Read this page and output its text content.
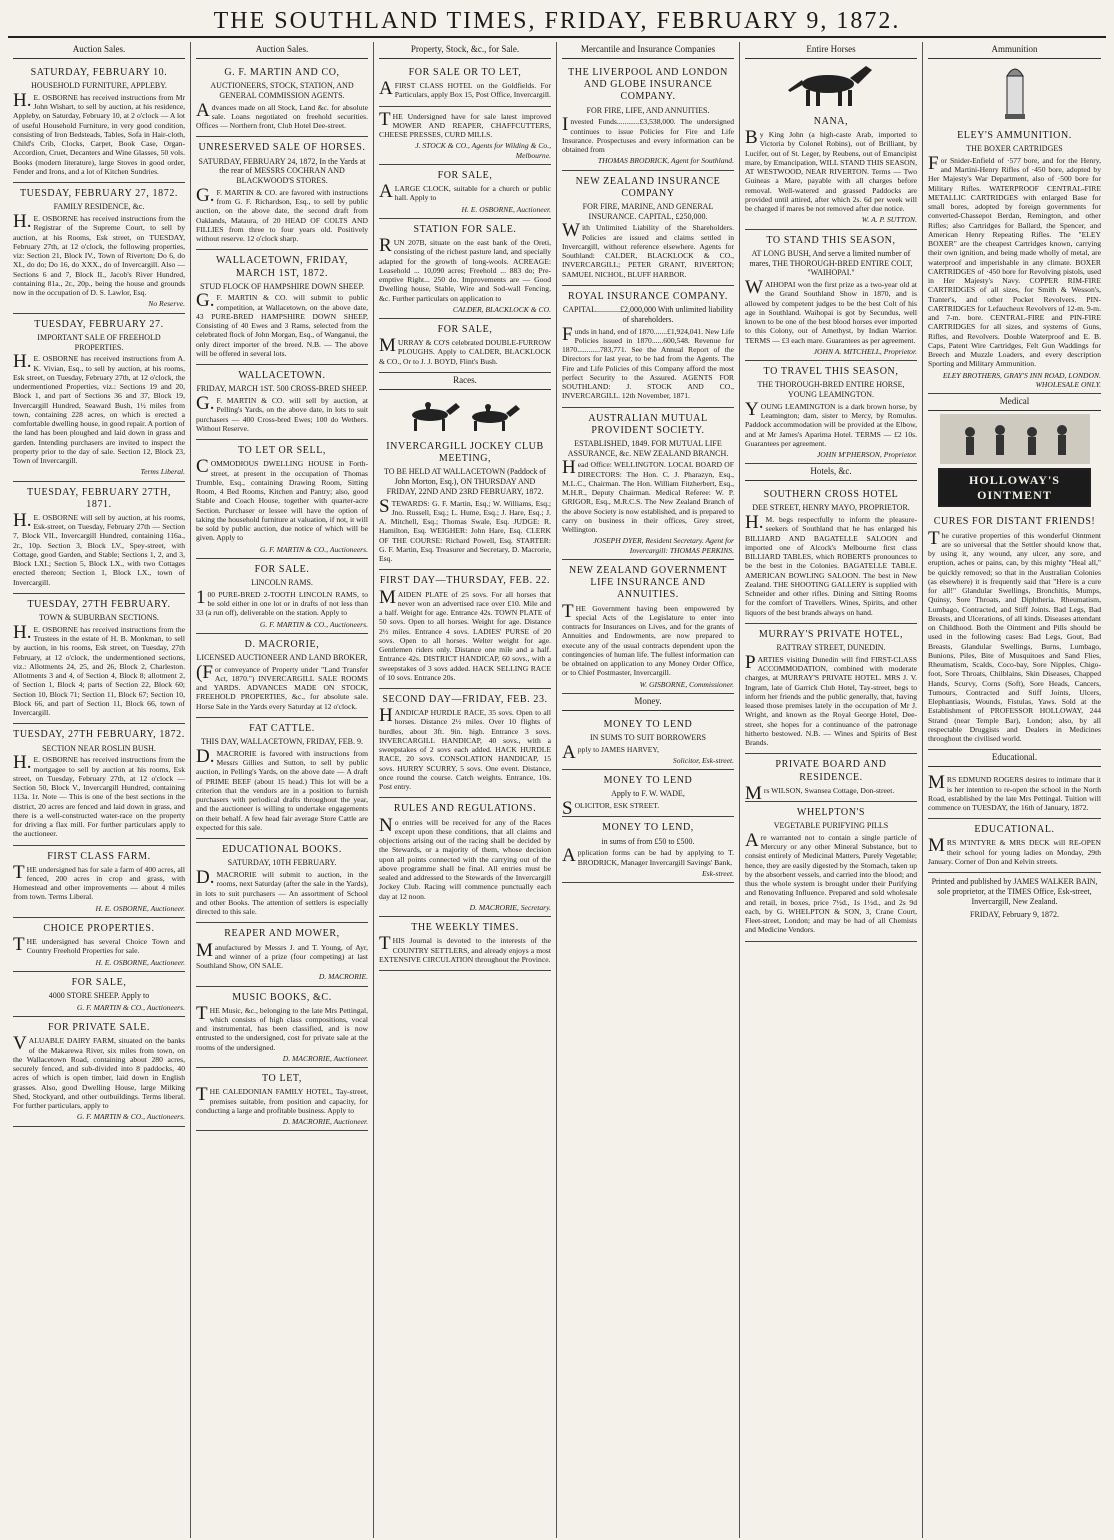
THE SOUTHLAND TIMES, FRIDAY, FEBRUARY 9, 1872.
Auction Sales.
SATURDAY, FEBRUARY 10.
HOUSEHOLD FURNITURE, APPLEBY.

H.E. OSBORNE has received instructions from Mr John Wishart, to sell by auction, at his residence, Appleby, on Saturday, February 10, at 2 o'clock — A lot of useful Household Furniture, in very good condition, consisting of Iron Bedsteads, Tables, Sofa in Hair-cloth, Child's Crib, Clocks, Carpet, Book Case, Organ-Accordion, Cruet, Decanters and Wine Glasses, 50 vols. Books (modern literature), large Stoves in good order, Fender and Irons, and a lot of Kitchen Sundries.

TUESDAY, FEBRUARY 27, 1872.
FAMILY RESIDENCE, &c.

H.E. OSBORNE has received instructions from the Registrar of the Supreme Court, to sell by auction, at his Rooms, Esk street, on TUESDAY, February 27th, at 12 o'clock, the following properties, viz: Section 21, Block IV., Town of Riverton; Do 6, do XI., do do; Do 16, do XXX., do of Invercargill. Also — Sections 6 and 7, Block II., Jacob's River Hundred, containing 81a., 2r., 20p., being the house and grounds now in the occupation of D. S. Lawlor, Esq.

No Reserve.
TUESDAY, FEBRUARY 27.
IMPORTANT SALE OF FREEHOLD PROPERTIES.

H.E. OSBORNE has received instructions from A. K. Vivian, Esq., to sell by auction, at his rooms, Esk street, on Tuesday, February 27th, at 12 o'clock, the undermentioned Properties, viz.: Sections 19 and 20, Block 1, and part of Sections 36 and 37, Block 19, Invercargill Hundred, Seaward Bush, 1½ miles from town, containing 228 acres, on which is erected a comfortable dwelling house, in good repair. A portion of the land has been ploughed and laid down in grass and garden. Intending purchasers are invited to inspect the property prior to the day of sale. Section 12, Block 23, Town of Invercargill.

Terms Liberal.
TUESDAY, FEBRUARY 27TH, 1871.

H.E. OSBORNE will sell by auction, at his rooms, Esk-street, on Tuesday, February 27th — Section 7, Block VII., Invercargill Hundred, containing 116a., 2r., 10p. Section 3, Block LV., Spey-street, with Cottage, good Garden, and Stable; Sections 1, 2, and 3, Block LXI.; Section 5, Block LX., with two Cottages erected thereon; Section 1, Block LX., town of Invercargill.

TUESDAY, 27TH FEBRUARY.
TOWN & SUBURBAN SECTIONS.

H.E. OSBORNE has received instructions from the Trustees in the estate of H. B. Monkman, to sell by auction, in his rooms, Esk street, on Tuesday, 27th February, at 12 o'clock, the undermentioned sections, viz.: Allotments 24, 25, and 26, Block 2, Charleston. Allotments 3 and 4, of Section 4, Block 8; allotment 2, of Section 1, Block 4; parts of Section 22, Block 60; Section 10, Block 71; Section 11, Block 67; Section 10, Block 66, and part of Section 11, Block 66, town of Invercargill.

TUESDAY, 27TH FEBRUARY, 1872.
SECTION NEAR ROSLIN BUSH.

H.E. OSBORNE has received instructions from the mortgagee to sell by auction at his rooms, Esk street, on Tuesday, February 27th, at 12 o'clock — Section 50, Block V., Invercargill Hundred, containing 113a. 1r. Note — This is one of the best sections in the district, 20 acres are fenced and laid down in grass, and there is a well-constructed water-race on the property for driving a flax mill. For further particulars apply to the auctioneer.

FIRST CLASS FARM.

THE undersigned has for sale a farm of 400 acres, all fenced, 200 acres in crop and grass, with Homestead and other improvements — about 4 miles from town. Terms Liberal.

H. E. OSBORNE, Auctioneer.
CHOICE PROPERTIES.

THE undersigned has several Choice Town and Country Freehold Properties for sale.

H. E. OSBORNE, Auctioneer.
FOR SALE,
4000 STORE SHEEP. Apply to
G. F. MARTIN & CO., Auctioneers.
FOR PRIVATE SALE.

VALUABLE DAIRY FARM, situated on the banks of the Makarewa River, six miles from town, on the Wallacetown Road, containing about 280 acres, securely fenced, and sub-divided into 8 paddocks, 40 acres of which is open timber, laid down in English grasses. Also, good Dwelling House, large Milking Shed, Stockyard, and other outbuildings. Terms liberal. For further particulars, apply to

G. F. MARTIN & CO., Auctioneers.
Auction Sales.
G. F. MARTIN AND CO,
AUCTIONEERS, STOCK, STATION, AND GENERAL COMMISSION AGENTS.

Advances made on all Stock, Land &c. for absolute sale. Loans negotiated on freehold securities. Offices — Northern front, Club Hotel Dee-street.

UNRESERVED SALE OF HORSES.
SATURDAY, FEBRUARY 24, 1872, In the Yards at the rear of MESSRS COCHRAN AND BLACKWOOD'S STORES.

G.F. MARTIN & CO. are favored with instructions from G. F. Richardson, Esq., to sell by public auction, on the above date, the second draft from Oaklands, Mataura, of 20 HEAD OF COLTS AND FILLIES from three to four years old. Positively without reserve. 12 o'clock sharp.

WALLACETOWN, FRIDAY, MARCH 1ST, 1872.
STUD FLOCK OF HAMPSHIRE DOWN SHEEP.

G.F. MARTIN & CO. will submit to public competition, at Wallacetown, on the above date, 43 PURE-BRED HAMPSHIRE DOWN SHEEP, Consisting of 40 Ewes and 3 Rams, selected from the celebrated flock of John Morgan, Esq., of Wanganui, the only direct importer of the breed. N.B. — The above will be offered in several lots.

WALLACETOWN.
FRIDAY, MARCH 1ST. 500 CROSS-BRED SHEEP.

G.F. MARTIN & CO. will sell by auction, at Pelling's Yards, on the above date, in lots to suit purchasers — 400 Cross-bred Ewes; 100 do Wethers. Without Reserve.

TO LET OR SELL,

COMMODIOUS DWELLING HOUSE in Forth-street, at present in the occupation of Thomas Trumble, Esq., containing Drawing Room, Sitting Room, 4 Bed Rooms, Kitchen and Pantry; also, good Stable and Coach House, together with quarter-acre Section. Purchaser or lessee will have the option of taking the household furniture at valuation, if not, it will be sold by public auction, due notice of which will be given. Apply to

G. F. MARTIN & CO., Auctioneers.
FOR SALE.
LINCOLN RAMS.

100 PURE-BRED 2-TOOTH LINCOLN RAMS, to be sold either in one lot or in drafts of not less than 33 (a run off), deliverable on the station. Apply to

G. F. MARTIN & CO., Auctioneers.
D. MACRORIE,
LICENSED AUCTIONEER AND LAND BROKER,

(For conveyance of Property under "Land Transfer Act, 1870.") INVERCARGILL SALE ROOMS and YARDS. ADVANCES MADE ON STOCK, FREEHOLD PROPERTIES, &c., for absolute sale. Horse Sale in the Yards every Saturday at 12 o'clock.

FAT CATTLE.
THIS DAY, WALLACETOWN, FRIDAY, FEB. 9.

D.MACRORIE is favored with instructions from Messrs Gillies and Sutton, to sell by public auction, in Pelling's Yards, on the above date — A draft of PRIME BEEF (about 15 head.) This lot will be a criterion that the vendors are in a position to furnish purchasers with periodical drafts throughout the year, and the auctioneer is willing to undertake engagements on their behalf. A few head fair average Store Cattle are expected for this sale.

EDUCATIONAL BOOKS.
SATURDAY, 10TH FEBRUARY.

D.MACRORIE will submit to auction, in the rooms, next Saturday (after the sale in the Yards), in lots to suit purchasers — An assortment of School and other Books. The attention of settlers is especially directed to this sale.

REAPER AND MOWER,

Manufactured by Messrs J. and T. Young, of Ayr, and winner of a prize (four competing) at last Southland Show, ON SALE.

D. MACRORIE.
MUSIC BOOKS, &C.

THE Music, &c., belonging to the late Mrs Pettingal, which consists of high class compositions, vocal and instrumental, has been classified, and is now entrusted to the undersigned, cost for private sale at the rooms of the undersigned.

D. MACRORIE, Auctioneer.
TO LET,

THE CALEDONIAN FAMILY HOTEL, Tay-street, premises suitable, from position and capacity, for conducting a large and profitable business. Apply to

D. MACRORIE, Auctioneer.
Property, Stock, &c., for Sale.
FOR SALE OR TO LET,

AFIRST CLASS HOTEL on the Goldfields. For Particulars, apply Box 15, Post Office, Invercargill.

THE Undersigned have for sale latest improved MOWER AND REAPER, CHAFFCUTTERS, CHEESE PRESSES, CURD MILLS.

J. STOCK & CO., Agents for Wilding & Co., Melbourne.
FOR SALE,

ALARGE CLOCK, suitable for a church or public hall. Apply to

H. E. OSBORNE, Auctioneer.
STATION FOR SALE.

RUN 207B, situate on the east bank of the Oreti, consisting of the richest pasture land, and specially adapted for the growth of long-wools. ACREAGE: Leasehold ... 10,090 acres; Freehold ... 883 do; Pre-emptive Right... 250 do. Improvements are — Good Dwelling house, Stable, Wire and Sod-wall Fencing, &c. Further particulars on application to

CALDER, BLACKLOCK & CO.
FOR SALE,

MURRAY & CO'S celebrated DOUBLE-FURROW PLOUGHS. Apply to CALDER, BLACKLOCK & CO., Or to J. J. BOYD, Flint's Bush.

Races.
INVERCARGILL JOCKEY CLUB MEETING,
TO BE HELD AT WALLACETOWN (Paddock of John Morton, Esq.), ON THURSDAY AND FRIDAY, 22ND AND 23RD FEBRUARY, 1872.

STEWARDS: G. F. Martin, Esq.; W. Williams, Esq.; Jno. Russell, Esq.; L. Hume, Esq.; J. Hare, Esq.; J. A. Mitchell, Esq.; Thomas Swale, Esq. JUDGE: R. Hamilton, Esq. WEIGHER: John Hare, Esq. CLERK OF THE COURSE: Richard Powell, Esq. STARTER: G. F. Martin, Esq. Treasurer and Secretary, D. Macrorie, Esq.

FIRST DAY—THURSDAY, FEB. 22.

MAIDEN PLATE of 25 sovs. For all horses that never won an advertised race over £10. Mile and a half. Weight for age. Entrance 42s. TOWN PLATE of 50 sovs. Open to all horses. Weight for age. Distance 2½ miles. Entrance 4 sovs. LADIES' PURSE of 20 sovs. Open to all horses. Welter weight for age. Gentlemen riders only. Distance one mile and a half. Entrance 42s. DISTRICT HANDICAP, 60 sovs., with a sweepstakes of 3 sovs added. HACK SELLING RACE of 10 sovs. Entrance 20s.

SECOND DAY—FRIDAY, FEB. 23.

HANDICAP HURDLE RACE, 35 sovs. Open to all horses. Distance 2½ miles. Over 10 flights of hurdles, about 3ft. 9in. high. Entrance 3 sovs. INVERCARGILL HANDICAP, 40 sovs., with a sweepstakes of 2 sovs each added. HACK HURDLE RACE, 20 sovs. CONSOLATION HANDICAP, 15 sovs. HURRY SCURRY, 5 sovs. One event. Distance, once round the course. Catch weights. Entrance, 10s. Post entry.

RULES AND REGULATIONS.

No entries will be received for any of the Races except upon these conditions, that all claims and objections arising out of the racing shall be decided by the Stewards, or a majority of them, whose decision upon all points connected with the carrying out of the above programme shall be final. All entries must be sealed and addressed to the Stewards of the Invercargill Jockey Club. Racing will commence punctually each day at 12 noon.

D. MACRORIE, Secretary.
THE WEEKLY TIMES.

THIS Journal is devoted to the interests of the COUNTRY SETTLERS, and already enjoys a most EXTENSIVE CIRCULATION throughout the Province.

Mercantile and Insurance Companies
THE LIVERPOOL AND LONDON AND GLOBE INSURANCE COMPANY.
FOR FIRE, LIFE, AND ANNUITIES.

Invested Funds............£3,538,000. The undersigned continues to issue Policies for Fire and Life Insurance. Prospectuses and every information can be obtained from

THOMAS BRODRICK, Agent for Southland.
NEW ZEALAND INSURANCE COMPANY
FOR FIRE, MARINE, AND GENERAL INSURANCE. CAPITAL, £250,000.

With Unlimited Liability of the Shareholders. Policies are issued and claims settled in Invercargill, without reference elsewhere. Agents for Southland: CALDER, BLACKLOCK & CO., INVERCARGILL; PETER GRANT, RIVERTON; SAMUEL NICHOL, BLUFF HARBOR.

ROYAL INSURANCE COMPANY.
CAPITAL............£2,000,000 With unlimited liability of shareholders.

Funds in hand, end of 1870.......£1,924,041. New Life Policies issued in 1870......600,548. Revenue for 1870............783,771. See the Annual Report of the Directors for last year, to be had from the Agents. The Fire and Life Policies of this Company afford the most perfect Security to the Assured. AGENTS FOR SOUTHLAND: J. STOCK AND CO., INVERCARGILL. 12th November, 1871.

AUSTRALIAN MUTUAL PROVIDENT SOCIETY.
ESTABLISHED, 1849. FOR MUTUAL LIFE ASSURANCE, &c. NEW ZEALAND BRANCH.

Head Office: WELLINGTON. LOCAL BOARD OF DIRECTORS: The Hon. C. J. Pharazyn, Esq., M.L.C., Chairman. The Hon. William Fitzherbert, Esq., M.H.R., Deputy Chairman. Medical Referee: W. P. GRIGOR, Esq., M.R.C.S. The New Zealand Branch of the above Society is now established, and is prepared to carry on business in their offices, Grey street, Wellington.

JOSEPH DYER, Resident Secretary. Agent for Invercargill: THOMAS PERKINS.
NEW ZEALAND GOVERNMENT LIFE INSURANCE AND ANNUITIES.

THE Government having been empowered by special Acts of the Legislature to enter into contracts for Insurances on Lives, and for the grants of Annuities and Endowments, are now prepared to execute any of the usual contracts dependent upon the contingencies of human life. The fullest information can be obtained on application to any Money Order Office, or to Chief Postmaster, Invercargill.

W. GISBORNE, Commissioner.
Money.
MONEY TO LEND
IN SUMS TO SUIT BORROWERS

Apply to JAMES HARVEY,

Solicitor, Esk-street.
MONEY TO LEND
Apply to F. W. WADE,

SOLICITOR, ESK STREET.

MONEY TO LEND,
in sums of from £50 to £500.

Application forms can be had by applying to T. BRODRICK, Manager Invercargill Savings' Bank,

Esk-street.
Entire Horses
NANA,

By King John (a high-caste Arab, imported to Victoria by Colonel Robins), out of Brilliant, by Lucifer, out of St. Leger, by Reubens, out of Emancipist mare, by Emancipation, WILL STAND THIS SEASON, AT WESTWOOD, NEAR RIVERTON. Terms — Two Guineas a Mare, payable with all charges before removal. Well-watered and grassed Paddocks are provided until attired, after which 2s. 6d per week will be charged if mares be not removed after due notice.

W. A. P. SUTTON.
TO STAND THIS SEASON,
AT LONG BUSH, And serve a limited number of mares, THE THOROUGH-BRED ENTIRE COLT, "WAIHOPAI."

WAIHOPAI won the first prize as a two-year old at the Grand Southland Show in 1870, and is allowed by competent judges to be the best Colt of his age in Southland. Waihopai is got by Secundus, well known to be one of the best blood horses ever imported to this Colony, out of Amethyst, by Indian Warrior. TERMS — £3 each mare. Guarantees as per agreement.

JOHN A. MITCHELL, Proprietor.
TO TRAVEL THIS SEASON,
THE THOROUGH-BRED ENTIRE HORSE, YOUNG LEAMINGTON.

YOUNG LEAMINGTON is a dark brown horse, by Leamington; dam, sister to Mercy, by Romulus. Paddock accommodation will be provided at the Elbow, and at Mr James's Aparima Hotel. TERMS — £2 10s. Guarantees per agreement.

JOHN M'PHERSON, Proprietor.
Hotels, &c.
SOUTHERN CROSS HOTEL
DEE STREET, HENRY MAYO, PROPRIETOR.

H.M. begs respectfully to inform the pleasure-seekers of Southland that he has enlarged his BILLIARD AND BAGATELLE SALOON and imported one of Alcock's Melbourne first class BILLIARD TABLES, which ROBERTS pronounces to be the best in the Colonies. BAGATELLE TABLE. AMERICAN BOWLING SALOON. The best in New Zealand. THE SHOOTING GALLERY is supplied with Schneider and other rifles. Dining and Sitting Rooms for the comfort of Travellers. Wines, Spirits, and other liquors of the best brands always on hand.

MURRAY'S PRIVATE HOTEL,
RATTRAY STREET, DUNEDIN.

PARTIES visiting Dunedin will find FIRST-CLASS ACCOMMODATION, combined with moderate charges, at MURRAY'S PRIVATE HOTEL. MRS J. V. Ingram, late of Garrick Club Hotel, Tay-street, begs to inform her friends and the public generally, that, having leased those premises lately in the occupation of Mr J. Wright, and known as the Royal George Hotel, Dee-street, she hopes for a continuance of the patronage hitherto bestowed. N.B. — Wines and Spirits of Best Brands.

PRIVATE BOARD AND RESIDENCE.

Mrs WILSON, Swansea Cottage, Don-street.

WHELPTON'S
VEGETABLE PURIFYING PILLS

Are warranted not to contain a single particle of Mercury or any other Mineral Substance, but to consist entirely of Medicinal Matters, Purely Vegetable; hence, they are easily digested by the Stomach, taken up by the absorbent vessels, and carried into the blood; and thus the whole system is brought under their Purifying and Renovating Influence. Prepared and sold wholesale and retail, in boxes, price 7½d., 1s 1½d., and 2s 9d each, by G. WHELPTON & SON, 3, Crane Court, Fleet-street, London; and may be had of all Chemists and Medicine Vendors.

Ammunition
ELEY'S AMMUNITION.
THE BOXER CARTRIDGES

For Snider-Enfield of ·577 bore, and for the Henry, and Martini-Henry Rifles of ·450 bore, adopted by Her Majesty's War Department, also of ·500 bore for Military Rifles. WATERPROOF CENTRAL-FIRE METALLIC CARTRIDGES with enlarged Base for small bores, adopted by foreign governments for converted-Chassepot Berdan, Remington, and other Rifles; also Cartridges for Ballard, the Spencer, and American Henry Repeating Rifles. The "ELEY BOXER" are the cheapest Cartridges known, carrying their own ignition, and being made wholly of metal, are waterproof and imperishable in any climate. BOXER CARTRIDGES of ·450 bore for Revolving pistols, used in Her Majesty's Navy. COPPER RIM-FIRE CARTRIDGES of all sizes, for Smith & Wesson's, Tranter's, and other Pocket Revolvers. PIN-CARTRIDGES for Lefaucheux Revolvers of 12-m. 9-m. and 7-m. bore. CENTRAL-FIRE and PIN-FIRE CARTRIDGES for all sizes, and systems of Guns, Rifles, and Revolvers. Double Waterproof and E. B. Caps, Patent Wire Cartridges, Felt Gun Waddings for Breech and Muzzle Loaders, and every description Sporting and Military Ammunition.

ELEY BROTHERS, GRAY'S INN ROAD, LONDON. WHOLESALE ONLY.
Medical
HOLLOWAY'S OINTMENT
CURES FOR DISTANT FRIENDS!

The curative properties of this wonderful Ointment are so universal that the Settler should know that, by using it, any wound, any ulcer, any sore, and eruption, aches or pains, can, by this mighty "Heal all," be quickly removed; so that in the Australian Colonies (as elsewhere) it is frequently said that "Here is a cure for all!" Glandular Swellings, Bronchitis, Mumps, Quinsy, Sore Throats, and Diphtheria. Rheumatism, Lumbago, Contracted, and Stiff Joints. Bad Legs, Bad Breasts, and Ulcerations, of all kinds. Diseases attendant on Childhood. Both the Ointment and Pills should be used in the following cases: Bad Legs, Gout, Bad Breasts, Glandular Swellings, Burns, Lumbago, Bunions, Piles, Bite of Musquitoes and Sand Flies, Rheumatism, Scalds, Coco-bay, Sore Nipples, Chigo-foot, Sore Throats, Chilblains, Skin Diseases, Chapped Hands, Scurvy, Corns (Soft), Sore Heads, Cancers, Tumours, Contracted and Stiff Joints, Ulcers, Elephantiasis, Wounds, Fistulas, Yaws. Sold at the Establishment of PROFESSOR HOLLOWAY, 244 Strand (near Temple Bar), London; also, by all respectable Druggists and Dealers in Medicines throughout the civilised world.

Educational.

MRS EDMUND ROGERS desires to intimate that it is her intention to re-open the school in the North Road, established by the late Mrs Pettingal. Tuition will commence on TUESDAY, the 16th of January, 1872.

EDUCATIONAL.

MRS M'INTYRE & MRS DECK will RE-OPEN their school for young ladies on Monday, 29th January. Corner of Don and Kelvin streets.

Printed and published by JAMES WALKER BAIN, sole proprietor, at the TIMES Office, Esk-street, Invercargill, New Zealand.
FRIDAY, February 9, 1872.
